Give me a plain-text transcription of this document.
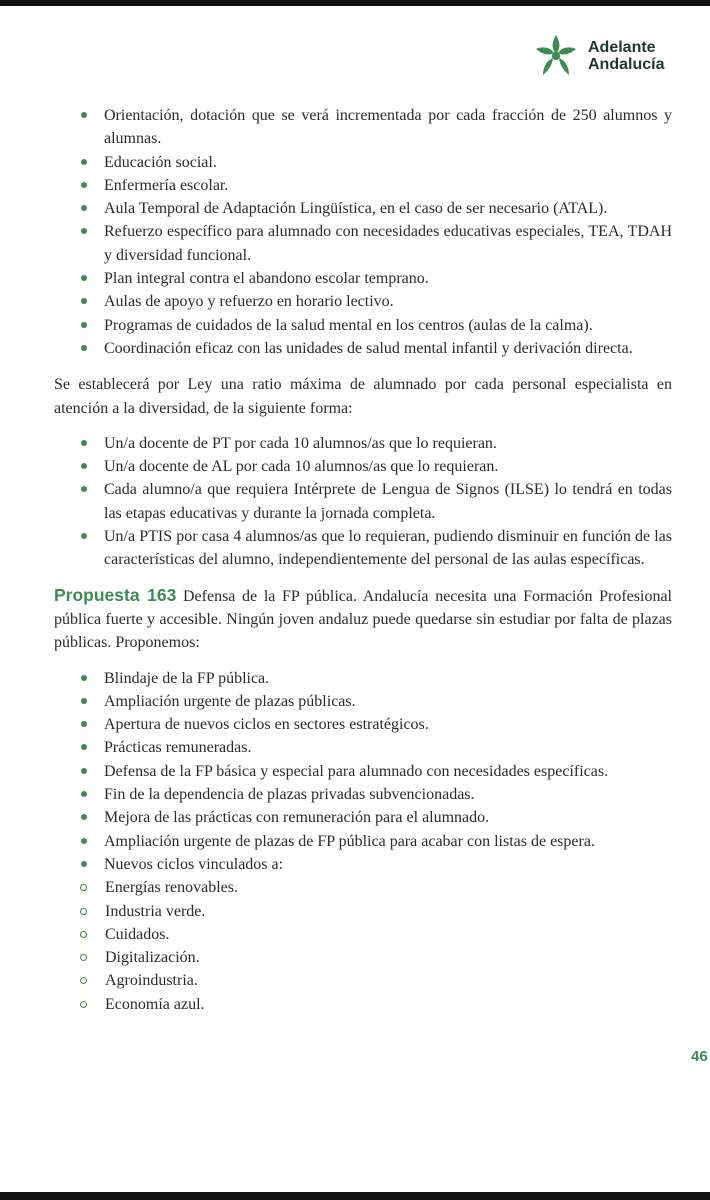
Adelante
Andalucía
Orientación, dotación que se verá incrementada por cada fracción de 250 alumnos y alumnas.
Educación social.
Enfermería escolar.
Aula Temporal de Adaptación Lingüística, en el caso de ser necesario (ATAL).
Refuerzo específico para alumnado con necesidades educativas especiales, TEA, TDAH y diversidad funcional.
Plan integral contra el abandono escolar temprano.
Aulas de apoyo y refuerzo en horario lectivo.
Programas de cuidados de la salud mental en los centros (aulas de la calma).
Coordinación eficaz con las unidades de salud mental infantil y derivación directa.

Se establecerá por Ley una ratio máxima de alumnado por cada personal especialista en atención a la diversidad, de la siguiente forma:

Un/a docente de PT por cada 10 alumnos/as que lo requieran.
Un/a docente de AL por cada 10 alumnos/as que lo requieran.
Cada alumno/a que requiera Intérprete de Lengua de Signos (ILSE) lo tendrá en todas las etapas educativas y durante la jornada completa.
Un/a PTIS por casa 4 alumnos/as que lo requieran, pudiendo disminuir en función de las características del alumno, independientemente del personal de las aulas específicas.

Propuesta 163 Defensa de la FP pública. Andalucía necesita una Formación Profesional pública fuerte y accesible. Ningún joven andaluz puede quedarse sin estudiar por falta de plazas públicas. Proponemos:

Blindaje de la FP pública.
Ampliación urgente de plazas públicas.
Apertura de nuevos ciclos en sectores estratégicos.
Prácticas remuneradas.
Defensa de la FP básica y especial para alumnado con necesidades específicas.
Fin de la dependencia de plazas privadas subvencionadas.
Mejora de las prácticas con remuneración para el alumnado.
Ampliación urgente de plazas de FP pública para acabar con listas de espera.
Nuevos ciclos vinculados a:
Energías renovables.
Industria verde.
Cuidados.
Digitalización.
Agroindustria.
Economía azul.
46
